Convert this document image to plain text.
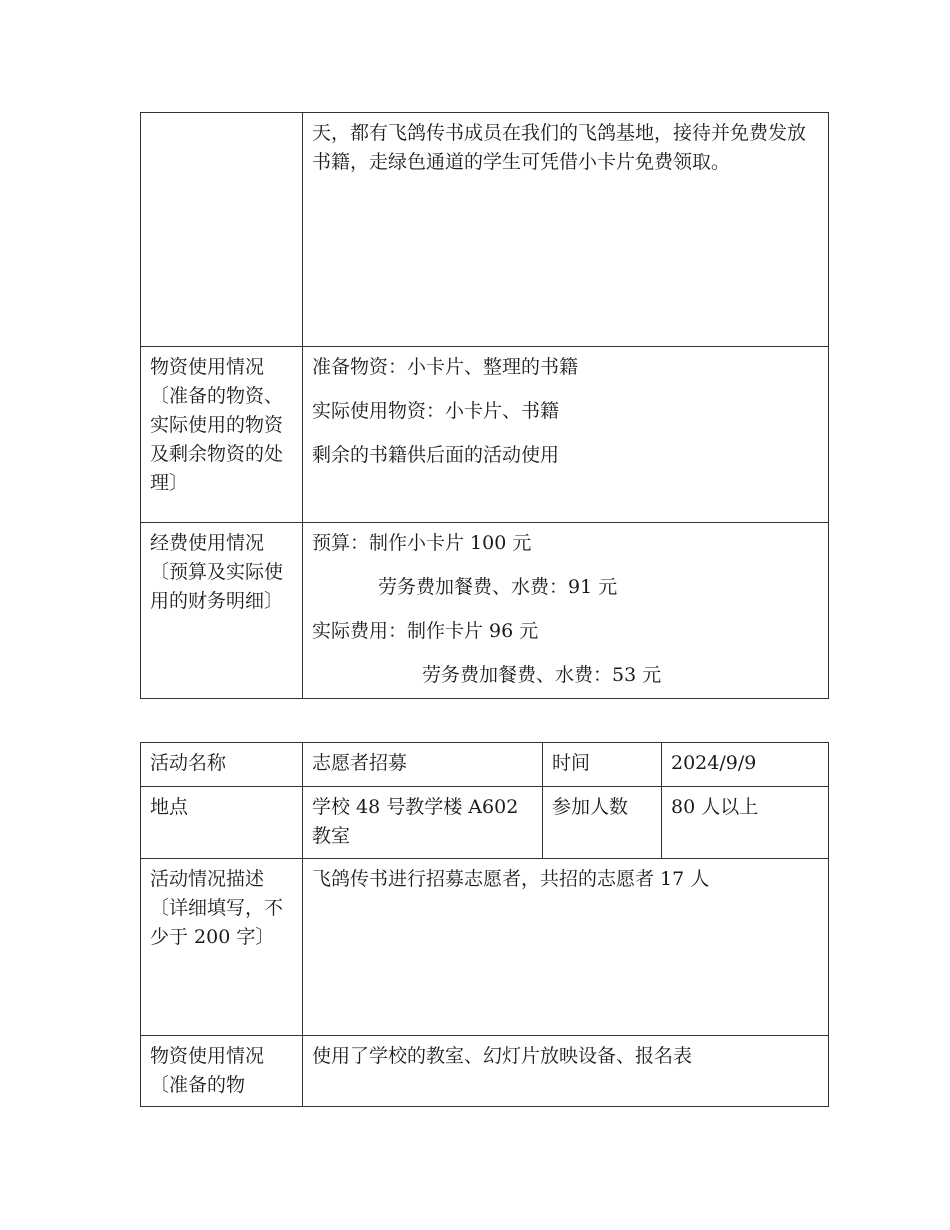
	天，都有飞鸽传书成员在我们的飞鸽基地，接待并免费发放书籍，走绿色通道的学生可凭借小卡片免费领取。
物资使用情况〔准备的物资、实际使用的物资及剩余物资的处理〕	准备物资：小卡片、整理的书籍

实际使用物资：小卡片、书籍

剩余的书籍供后面的活动使用

经费使用情况〔预算及实际使用的财务明细〕	预算：制作小卡片 100 元

劳务费加餐费、水费：91 元

实际费用：制作卡片 96 元

劳务费加餐费、水费：53 元

活动名称	志愿者招募	时间	2024/9/9
地点	学校 48 号教学楼 A602 教室	参加人数	80 人以上
活动情况描述〔详细填写，不少于 200 字〕	飞鸽传书进行招募志愿者，共招的志愿者 17 人		
物资使用情况〔准备的物	使用了学校的教室、幻灯片放映设备、报名表		
